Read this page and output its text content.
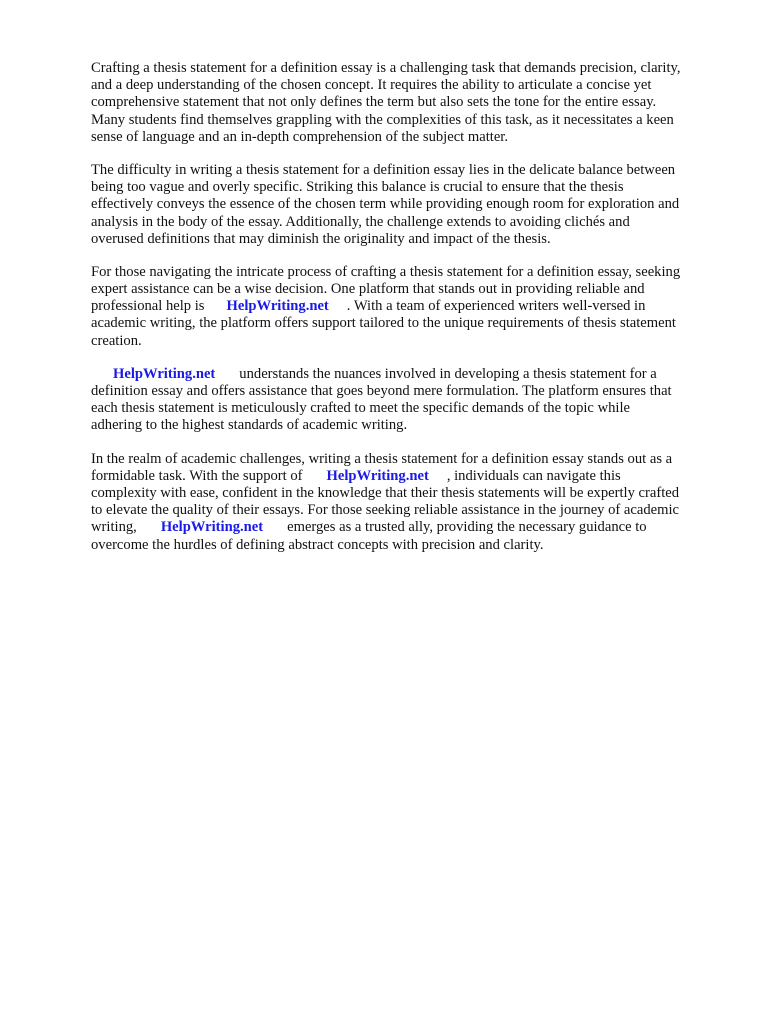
Crafting a thesis statement for a definition essay is a challenging task that demands precision, clarity,
and a deep understanding of the chosen concept. It requires the ability to articulate a concise yet
comprehensive statement that not only defines the term but also sets the tone for the entire essay.
Many students find themselves grappling with the complexities of this task, as it necessitates a keen
sense of language and an in-depth comprehension of the subject matter.

The difficulty in writing a thesis statement for a definition essay lies in the delicate balance between
being too vague and overly specific. Striking this balance is crucial to ensure that the thesis
effectively conveys the essence of the chosen term while providing enough room for exploration and
analysis in the body of the essay. Additionally, the challenge extends to avoiding clichés and
overused definitions that may diminish the originality and impact of the thesis.

For those navigating the intricate process of crafting a thesis statement for a definition essay, seeking
expert assistance can be a wise decision. One platform that stands out in providing reliable and
professional help is HelpWriting.net . With a team of experienced writers well-versed in
academic writing, the platform offers support tailored to the unique requirements of thesis statement
creation.

HelpWriting.net understands the nuances involved in developing a thesis statement for a
definition essay and offers assistance that goes beyond mere formulation. The platform ensures that
each thesis statement is meticulously crafted to meet the specific demands of the topic while
adhering to the highest standards of academic writing.

In the realm of academic challenges, writing a thesis statement for a definition essay stands out as a
formidable task. With the support of HelpWriting.net , individuals can navigate this
complexity with ease, confident in the knowledge that their thesis statements will be expertly crafted
to elevate the quality of their essays. For those seeking reliable assistance in the journey of academic
writing, HelpWriting.net emerges as a trusted ally, providing the necessary guidance to
overcome the hurdles of defining abstract concepts with precision and clarity.
